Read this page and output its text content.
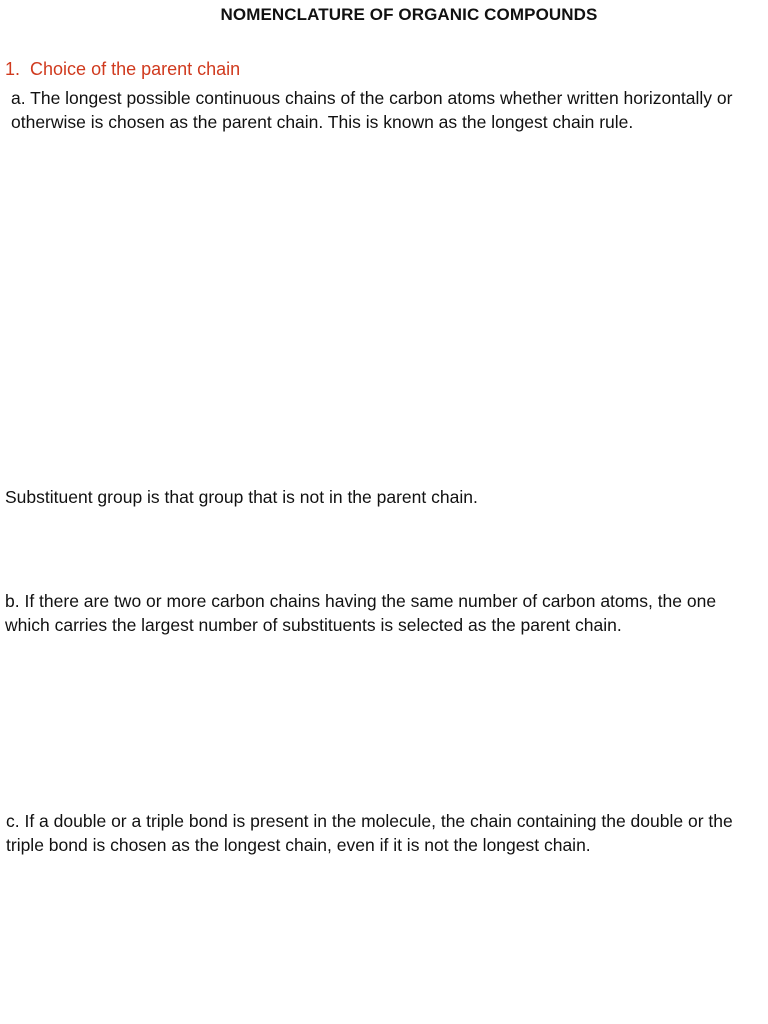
NOMENCLATURE OF ORGANIC COMPOUNDS
1. Choice of the parent chain
a. The longest possible continuous chains of the carbon atoms whether written horizontally or otherwise is chosen as the parent chain. This is known as the longest chain rule.
Substituent group is that group that is not in the parent chain.
b. If there are two or more carbon chains having the same number of carbon atoms, the one which carries the largest number of substituents is selected as the parent chain.
c. If a double or a triple bond is present in the molecule, the chain containing the double or the triple bond is chosen as the longest chain, even if it is not the longest chain.
